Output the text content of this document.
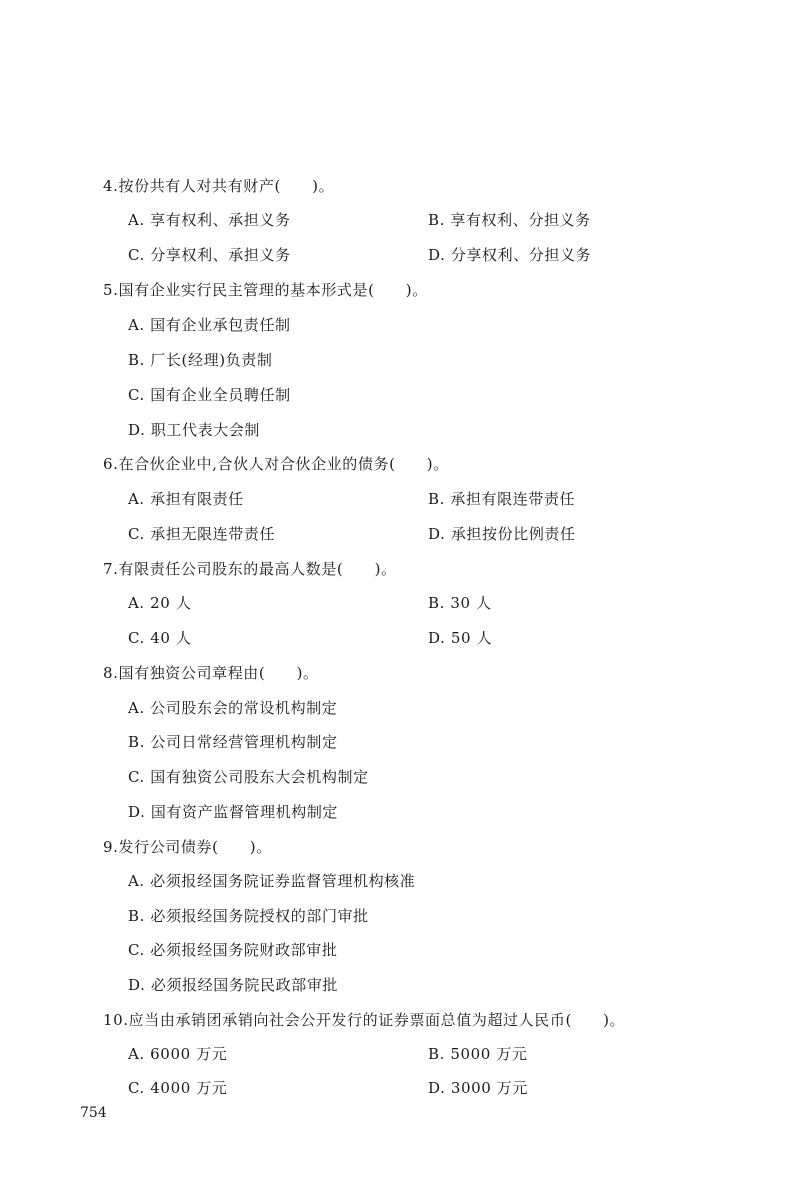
4.按份共有人对共有财产(　　)。
A. 享有权利、承担义务	B. 享有权利、分担义务
C. 分享权利、承担义务	D. 分享权利、分担义务
5.国有企业实行民主管理的基本形式是(　　)。
A. 国有企业承包责任制
B. 厂长(经理)负责制
C. 国有企业全员聘任制
D. 职工代表大会制
6.在合伙企业中,合伙人对合伙企业的债务(　　)。
A. 承担有限责任	B. 承担有限连带责任
C. 承担无限连带责任	D. 承担按份比例责任
7.有限责任公司股东的最高人数是(　　)。
A. 20 人	B. 30 人
C. 40 人	D. 50 人
8.国有独资公司章程由(　　)。
A. 公司股东会的常设机构制定
B. 公司日常经营管理机构制定
C. 国有独资公司股东大会机构制定
D. 国有资产监督管理机构制定
9.发行公司债券(　　)。
A. 必须报经国务院证券监督管理机构核准
B. 必须报经国务院授权的部门审批
C. 必须报经国务院财政部审批
D. 必须报经国务院民政部审批
10.应当由承销团承销向社会公开发行的证券票面总值为超过人民币(　　)。
A. 6000 万元	B. 5000 万元
C. 4000 万元	D. 3000 万元
754
